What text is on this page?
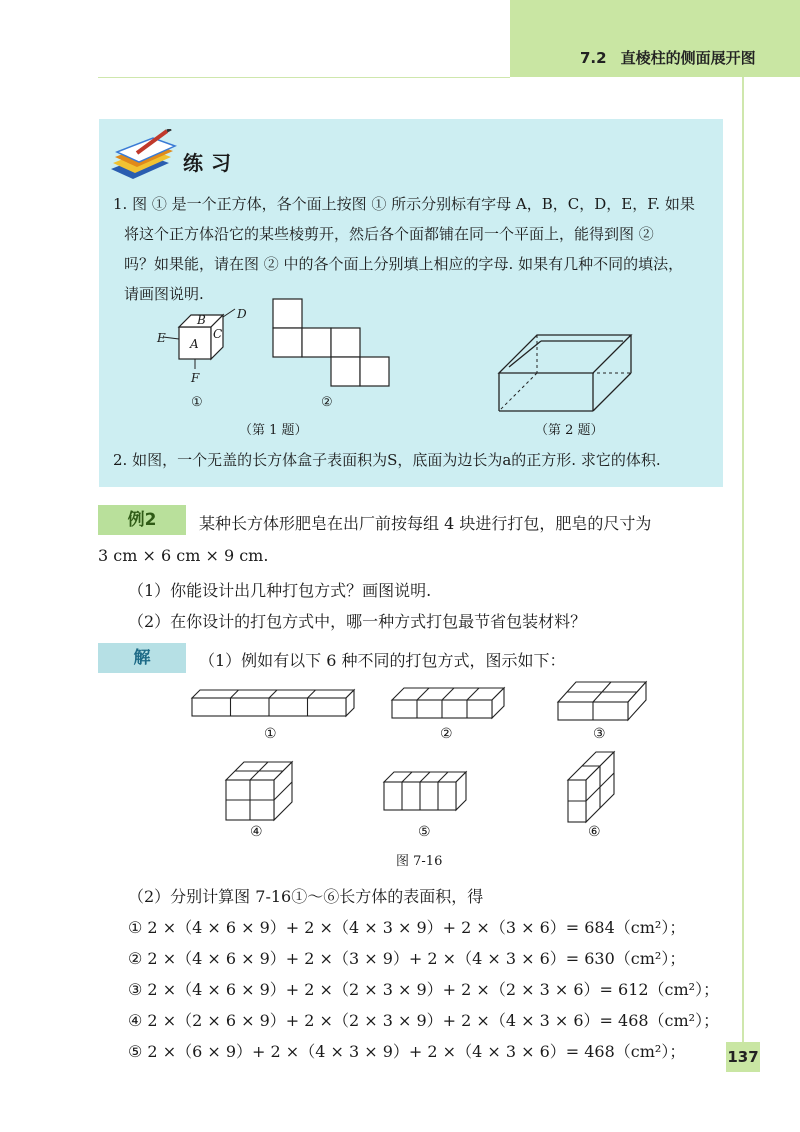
7.2 直棱柱的侧面展开图
练习
1. 图 ① 是一个正方体，各个面上按图 ① 所示分别标有字母 A，B，C，D，E，F. 如果
将这个正方体沿它的某些棱剪开，然后各个面都铺在同一个平面上，能得到图 ②
吗？如果能，请在图 ② 中的各个面上分别填上相应的字母. 如果有几种不同的填法，
请画图说明.
B
A
C
D
E
F
①	②
（第 1 题）	（第 2 题）
2. 如图，一个无盖的长方体盒子表面积为S，底面为边长为a的正方形. 求它的体积.
例2	某种长方体形肥皂在出厂前按每组 4 块进行打包，肥皂的尺寸为
3 cm × 6 cm × 9 cm.
（1）你能设计出几种打包方式？画图说明.
（2）在你设计的打包方式中，哪一种方式打包最节省包装材料？
解	（1）例如有以下 6 种不同的打包方式，图示如下：
①	②	③
④	⑤	⑥
图 7-16
（2）分别计算图 7-16①～⑥长方体的表面积，得
① 2 ×（4 × 6 × 9）+ 2 ×（4 × 3 × 9）+ 2 ×（3 × 6）= 684（cm²）；
② 2 ×（4 × 6 × 9）+ 2 ×（3 × 9）+ 2 ×（4 × 3 × 6）= 630（cm²）；
③ 2 ×（4 × 6 × 9）+ 2 ×（2 × 3 × 9）+ 2 ×（2 × 3 × 6）= 612（cm²）；
④ 2 ×（2 × 6 × 9）+ 2 ×（2 × 3 × 9）+ 2 ×（4 × 3 × 6）= 468（cm²）；
⑤ 2 ×（6 × 9）+ 2 ×（4 × 3 × 9）+ 2 ×（4 × 3 × 6）= 468（cm²）；	137
